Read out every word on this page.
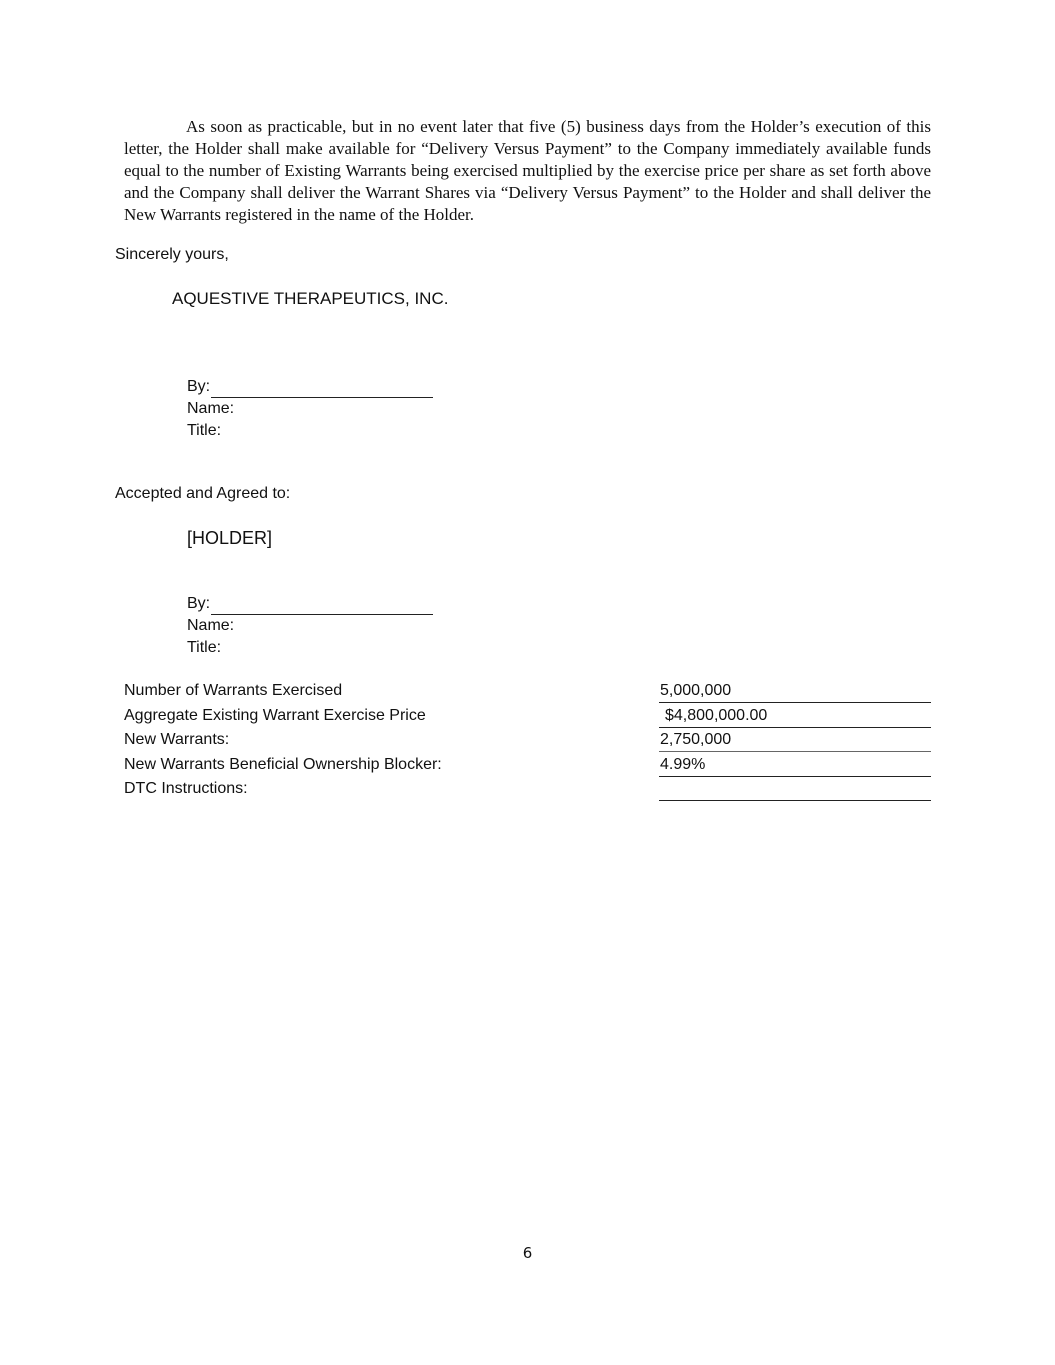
As soon as practicable, but in no event later that five (5) business days from the Holder’s execution of this letter, the Holder shall make available for “Delivery Versus Payment” to the Company immediately available funds equal to the number of Existing Warrants being exercised multiplied by the exercise price per share as set forth above and the Company shall deliver the Warrant Shares via “Delivery Versus Payment” to the Holder and shall deliver the New Warrants registered in the name of the Holder.

Sincerely yours,

AQUESTIVE THERAPEUTICS, INC.

By:
Name:
Title:

Accepted and Agreed to:

[HOLDER]

By:
Name:
Title:
Number of Warrants Exercised	5,000,000
Aggregate Existing Warrant Exercise Price	$4,800,000.00
New Warrants:	2,750,000
New Warrants Beneficial Ownership Blocker:	4.99%
DTC Instructions:
6
